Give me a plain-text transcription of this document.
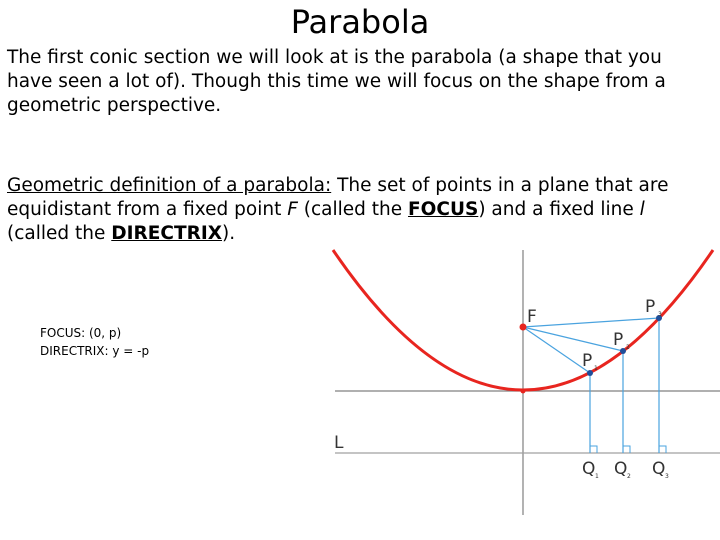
Parabola

The first conic section we will look at is the parabola (a shape that you have seen a lot of). Though this time we will focus on the shape from a geometric perspective.

Geometric definition of a parabola: The set of points in a plane that are equidistant from a fixed point F (called the FOCUS) and a fixed line l (called the DIRECTRIX).

FOCUS: (0, p)
DIRECTRIX: y = -p
F
L
P 1
P 2
P 3
Q 1 Q 2 Q 3
